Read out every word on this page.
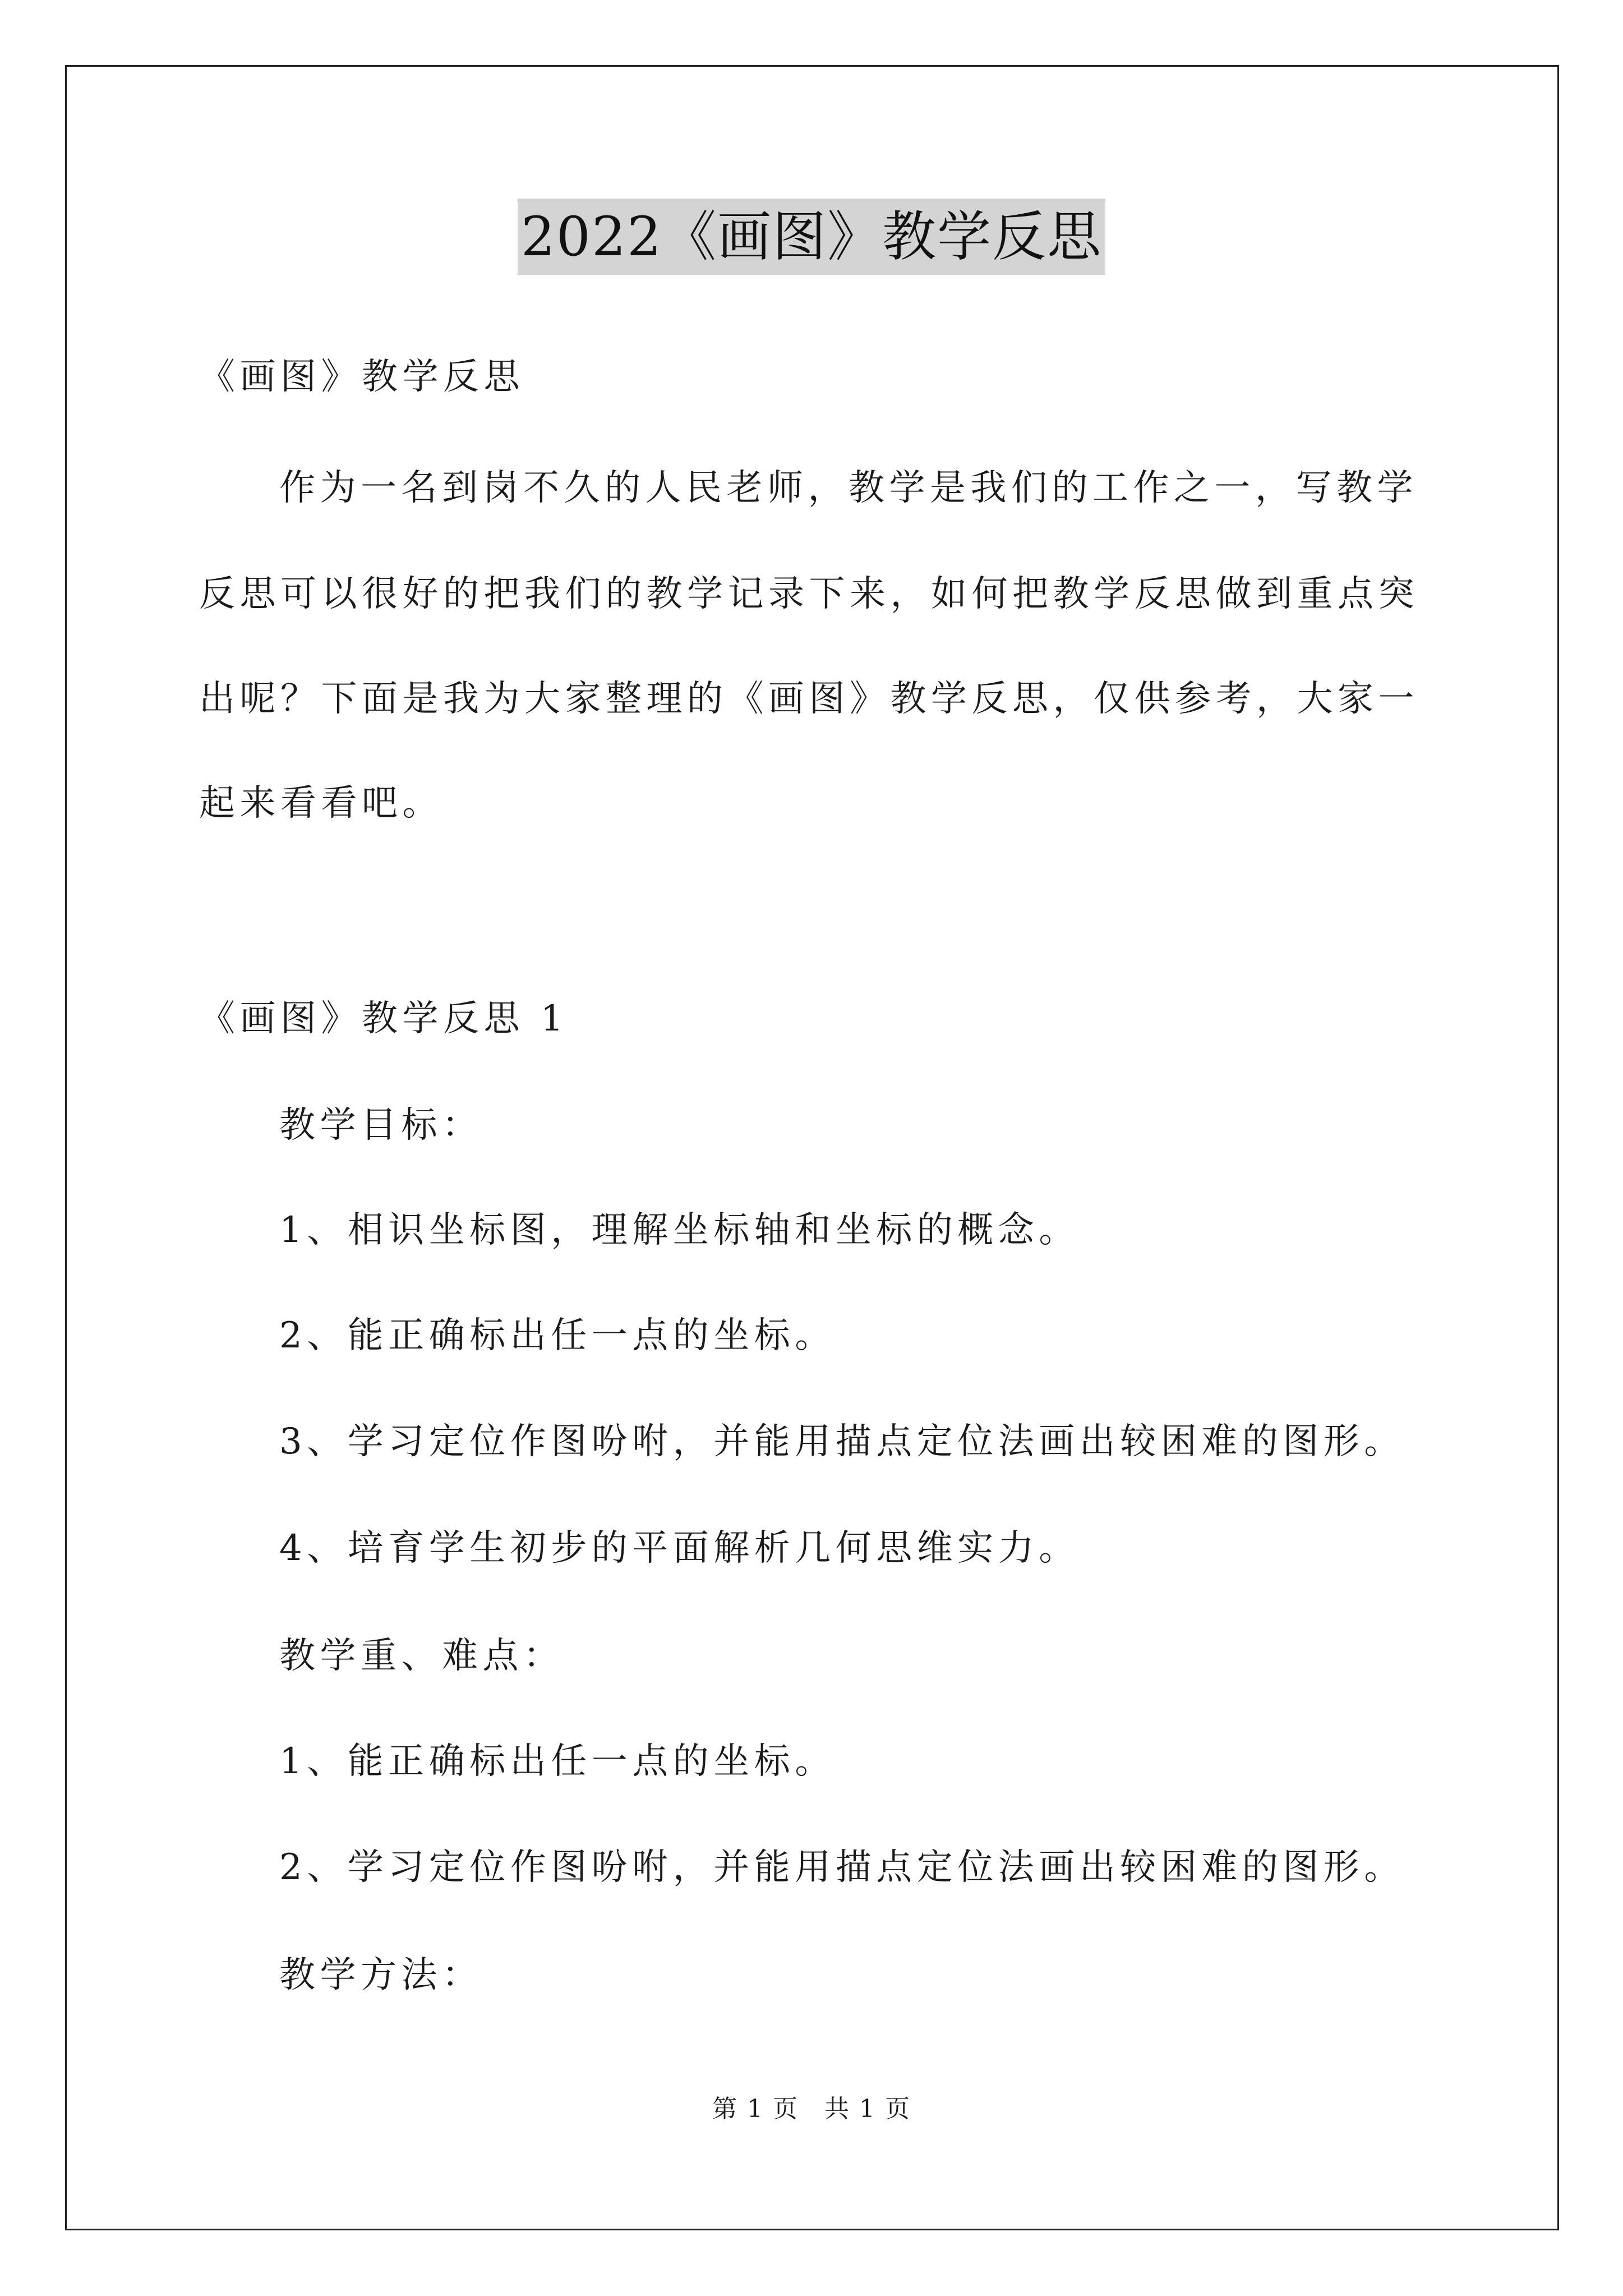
2022《画图》教学反思
《画图》教学反思
作为一名到岗不久的人民老师，教学是我们的工作之一，写教学
反思可以很好的把我们的教学记录下来，如何把教学反思做到重点突
出呢？下面是我为大家整理的《画图》教学反思，仅供参考，大家一
起来看看吧。
《画图》教学反思 1
教学目标：
1、相识坐标图，理解坐标轴和坐标的概念。
2、能正确标出任一点的坐标。
3、学习定位作图吩咐，并能用描点定位法画出较困难的图形。
4、培育学生初步的平面解析几何思维实力。
教学重、难点：
1、能正确标出任一点的坐标。
2、学习定位作图吩咐，并能用描点定位法画出较困难的图形。
教学方法：
第 1 页　共 1 页
